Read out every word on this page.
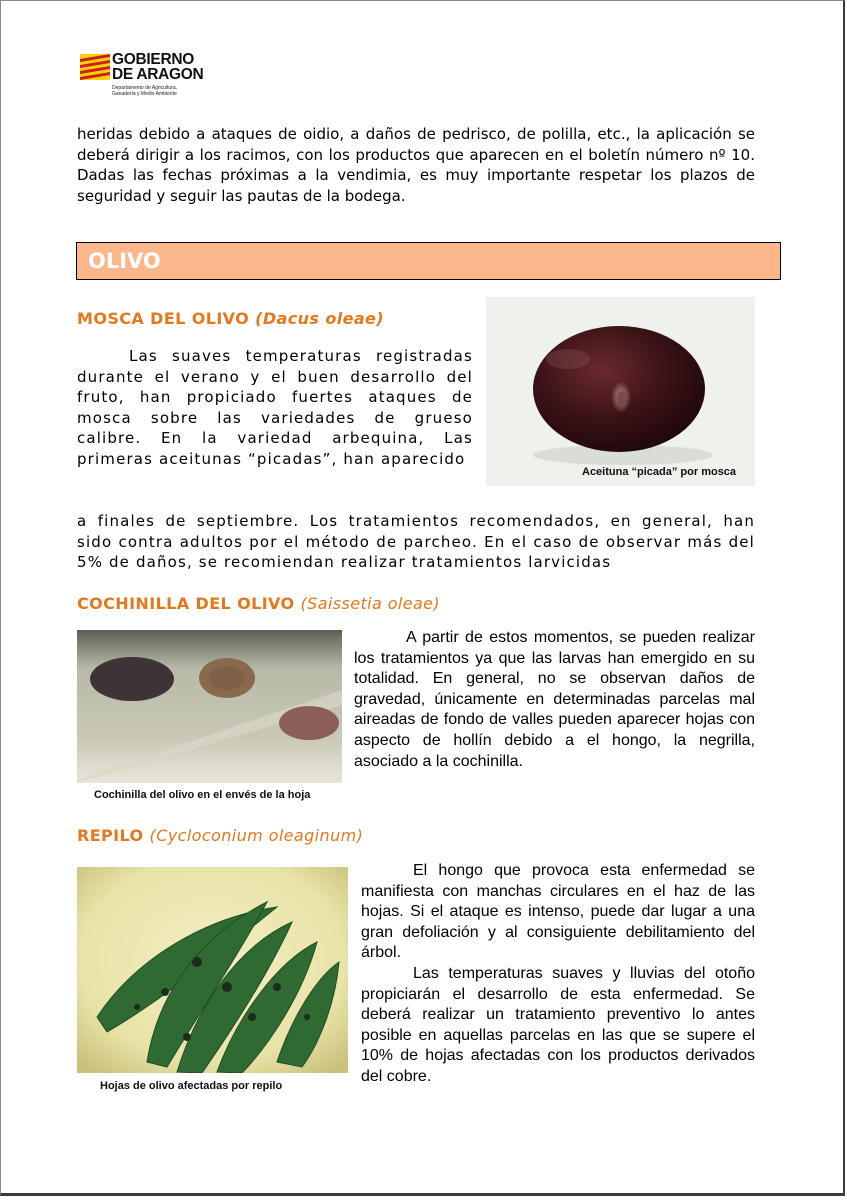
GOBIERNO
DE ARAGON
Departamento de Agricultura,
Ganadería y Medio Ambiente

heridas debido a ataques de oidio, a daños de pedrisco, de polilla, etc., la aplicación se deberá dirigir a los racimos, con los productos que aparecen en el boletín número nº 10. Dadas las fechas próximas a la vendimia, es muy importante respetar los plazos de seguridad y seguir las pautas de la bodega.

OLIVO
MOSCA DEL OLIVO (Dacus oleae)

Las suaves temperaturas registradas durante el verano y el buen desarrollo del fruto, han propiciado fuertes ataques de mosca sobre las variedades de grueso calibre. En la variedad arbequina, Las primeras aceitunas “picadas”, han aparecido

Aceituna “picada” por mosca

a finales de septiembre. Los tratamientos recomendados, en general, han sido contra adultos por el método de parcheo. En el caso de observar más del 5% de daños, se recomiendan realizar tratamientos larvicidas

COCHINILLA DEL OLIVO (Saissetia oleae)
Cochinilla del olivo en el envés de la hoja

A partir de estos momentos, se pueden realizar los tratamientos ya que las larvas han emergido en su totalidad. En general, no se observan daños de gravedad, únicamente en determinadas parcelas mal aireadas de fondo de valles pueden aparecer hojas con aspecto de hollín debido a el hongo, la negrilla, asociado a la cochinilla.

REPILO (Cycloconium oleaginum)
Hojas de olivo afectadas por repilo

El hongo que provoca esta enfermedad se manifiesta con manchas circulares en el haz de las hojas. Si el ataque es intenso, puede dar lugar a una gran defoliación y al consiguiente debilitamiento del árbol.
Las temperaturas suaves y lluvias del otoño propiciarán el desarrollo de esta enfermedad. Se deberá realizar un tratamiento preventivo lo antes posible en aquellas parcelas en las que se supere el 10% de hojas afectadas con los productos derivados del cobre.
